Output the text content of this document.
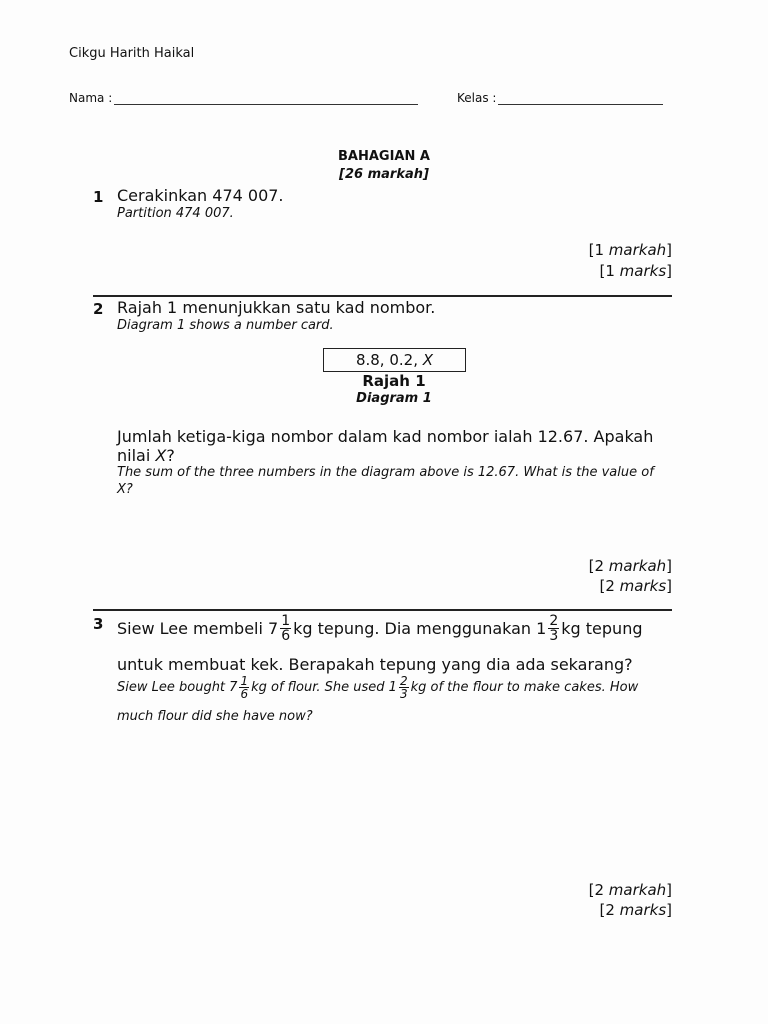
Cikgu Harith Haikal
Nama :	Kelas :
BAHAGIAN A
[26 markah]
1 Cerakinkan 474 007.
Partition 474 007.
[1 markah]
[1 marks]
2 Rajah 1 menunjukkan satu kad nombor.
Diagram 1 shows a number card.
8.8, 0.2, X
Rajah 1
Diagram 1
Jumlah ketiga-kiga nombor dalam kad nombor ialah 12.67. Apakah
nilai X?
The sum of the three numbers in the diagram above is 12.67. What is the value of
X?
[2 markah]
[2 marks]
3 Siew Lee membeli $7 \frac{1}{6}$ kg tepung. Dia menggunakan $1 \frac{2}{3}$ kg tepung
untuk membuat kek. Berapakah tepung yang dia ada sekarang?
Siew Lee bought $7 \frac{1}{6}$ kg of flour. She used $1 \frac{2}{3}$ kg of the flour to make cakes. How
much flour did she have now?
[2 markah]
[2 marks]
